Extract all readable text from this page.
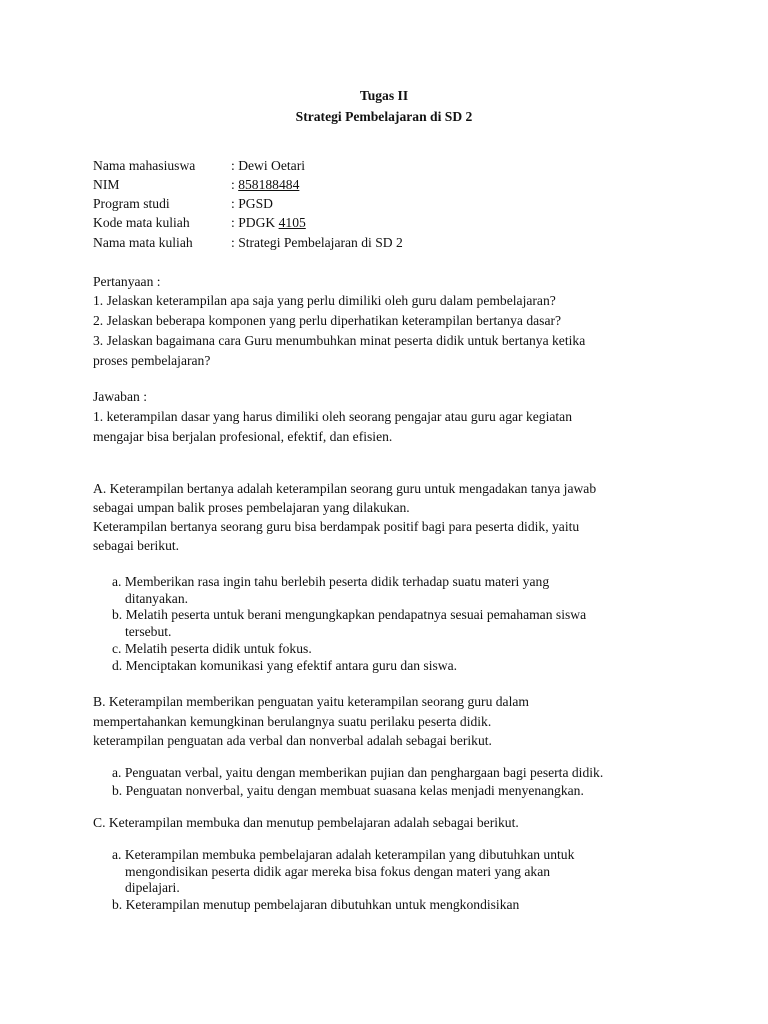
Tugas II
Strategi Pembelajaran di SD 2
Nama mahasiuswa	: Dewi Oetari
NIM	: 858188484
Program studi	: PGSD
Kode mata kuliah	: PDGK 4105
Nama mata kuliah	: Strategi Pembelajaran di SD 2
Pertanyaan :
1. Jelaskan keterampilan apa saja yang perlu dimiliki oleh guru dalam pembelajaran?
2. Jelaskan beberapa komponen yang perlu diperhatikan keterampilan bertanya dasar?
3. Jelaskan bagaimana cara Guru menumbuhkan minat peserta didik untuk bertanya ketika
proses pembelajaran?
Jawaban :
1. keterampilan dasar yang harus dimiliki oleh seorang pengajar atau guru agar kegiatan
mengajar bisa berjalan profesional, efektif, dan efisien.
A. Keterampilan bertanya adalah keterampilan seorang guru untuk mengadakan tanya jawab
sebagai umpan balik proses pembelajaran yang dilakukan.
Keterampilan bertanya seorang guru bisa berdampak positif bagi para peserta didik, yaitu
sebagai berikut.
a. Memberikan rasa ingin tahu berlebih peserta didik terhadap suatu materi yang
ditanyakan.
b. Melatih peserta untuk berani mengungkapkan pendapatnya sesuai pemahaman siswa
tersebut.
c. Melatih peserta didik untuk fokus.
d. Menciptakan komunikasi yang efektif antara guru dan siswa.
B. Keterampilan memberikan penguatan yaitu keterampilan seorang guru dalam
mempertahankan kemungkinan berulangnya suatu perilaku peserta didik.
keterampilan penguatan ada verbal dan nonverbal adalah sebagai berikut.
a. Penguatan verbal, yaitu dengan memberikan pujian dan penghargaan bagi peserta didik.
b. Penguatan nonverbal, yaitu dengan membuat suasana kelas menjadi menyenangkan.
C. Keterampilan membuka dan menutup pembelajaran adalah sebagai berikut.
a. Keterampilan membuka pembelajaran adalah keterampilan yang dibutuhkan untuk
mengondisikan peserta didik agar mereka bisa fokus dengan materi yang akan
dipelajari.
b. Keterampilan menutup pembelajaran dibutuhkan untuk mengkondisikan
